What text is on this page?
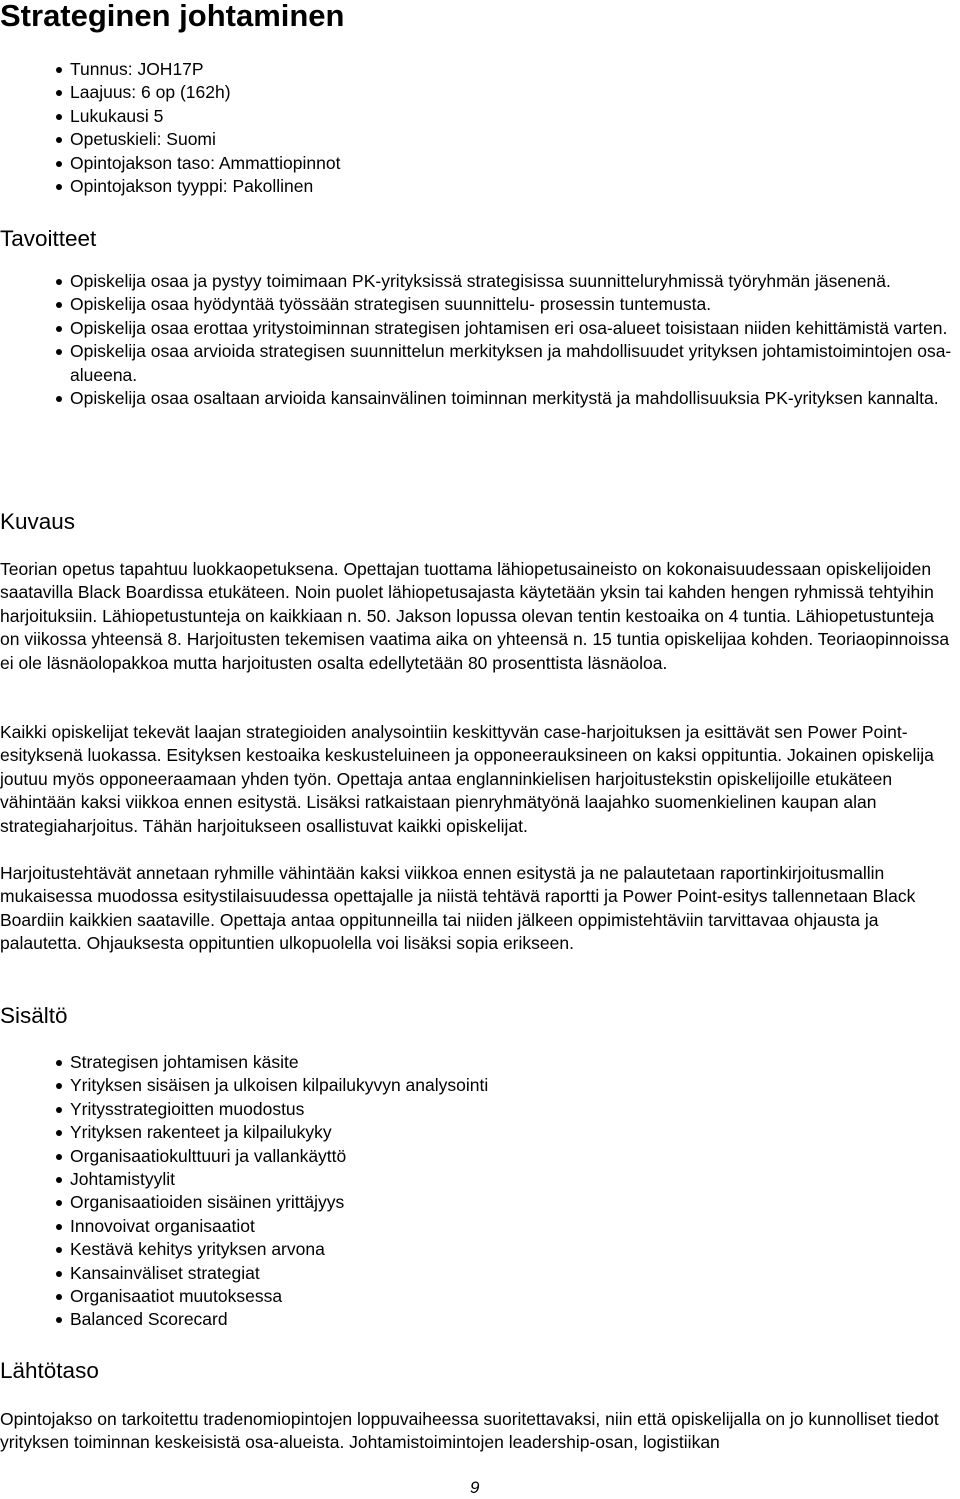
Strateginen johtaminen
Tunnus: JOH17P
Laajuus: 6 op (162h)
Lukukausi 5
Opetuskieli: Suomi
Opintojakson taso: Ammattiopinnot
Opintojakson tyyppi: Pakollinen
Tavoitteet
Opiskelija osaa ja pystyy toimimaan PK-yrityksissä strategisissa suunnitteluryhmissä työryhmän jäsenenä.
Opiskelija osaa hyödyntää työssään strategisen suunnittelu- prosessin tuntemusta.
Opiskelija osaa erottaa yritystoiminnan strategisen johtamisen eri osa-alueet toisistaan niiden kehittämistä varten.
Opiskelija osaa arvioida strategisen suunnittelun merkityksen ja mahdollisuudet yrityksen johtamistoimintojen osa-alueena.
Opiskelija osaa osaltaan arvioida kansainvälinen toiminnan merkitystä ja mahdollisuuksia PK-yrityksen kannalta.
Kuvaus

Teorian opetus tapahtuu luokkaopetuksena. Opettajan tuottama lähiopetusaineisto on kokonaisuudessaan opiskelijoiden saatavilla Black Boardissa etukäteen. Noin puolet lähiopetusajasta käytetään yksin tai kahden hengen ryhmissä tehtyihin harjoituksiin. Lähiopetustunteja on kaikkiaan n. 50. Jakson lopussa olevan tentin kestoaika on 4 tuntia. Lähiopetustunteja on viikossa yhteensä 8. Harjoitusten tekemisen vaatima aika on yhteensä n. 15 tuntia opiskelijaa kohden. Teoriaopinnoissa ei ole läsnäolopakkoa mutta harjoitusten osalta edellytetään 80 prosenttista läsnäoloa.

Kaikki opiskelijat tekevät laajan strategioiden analysointiin keskittyvän case-harjoituksen ja esittävät sen Power Point-esityksenä luokassa. Esityksen kestoaika keskusteluineen ja opponeerauksineen on kaksi oppituntia. Jokainen opiskelija joutuu myös opponeeraamaan yhden työn. Opettaja antaa englanninkielisen harjoitustekstin opiskelijoille etukäteen vähintään kaksi viikkoa ennen esitystä. Lisäksi ratkaistaan pienryhmätyönä laajahko suomenkielinen kaupan alan strategiaharjoitus. Tähän harjoitukseen osallistuvat kaikki opiskelijat.

Harjoitustehtävät annetaan ryhmille vähintään kaksi viikkoa ennen esitystä ja ne palautetaan raportinkirjoitusmallin mukaisessa muodossa esitystilaisuudessa opettajalle ja niistä tehtävä raportti ja Power Point-esitys tallennetaan Black Boardiin kaikkien saataville. Opettaja antaa oppitunneilla tai niiden jälkeen oppimistehtäviin tarvittavaa ohjausta ja palautetta. Ohjauksesta oppituntien ulkopuolella voi lisäksi sopia erikseen.

Sisältö
Strategisen johtamisen käsite
Yrityksen sisäisen ja ulkoisen kilpailukyvyn analysointi
Yritysstrategioitten muodostus
Yrityksen rakenteet ja kilpailukyky
Organisaatiokulttuuri ja vallankäyttö
Johtamistyylit
Organisaatioiden sisäinen yrittäjyys
Innovoivat organisaatiot
Kestävä kehitys yrityksen arvona
Kansainväliset strategiat
Organisaatiot muutoksessa
Balanced Scorecard
Lähtötaso

Opintojakso on tarkoitettu tradenomiopintojen loppuvaiheessa suoritettavaksi, niin että opiskelijalla on jo kunnolliset tiedot yrityksen toiminnan keskeisistä osa-alueista. Johtamistoimintojen leadership-osan, logistiikan

9
